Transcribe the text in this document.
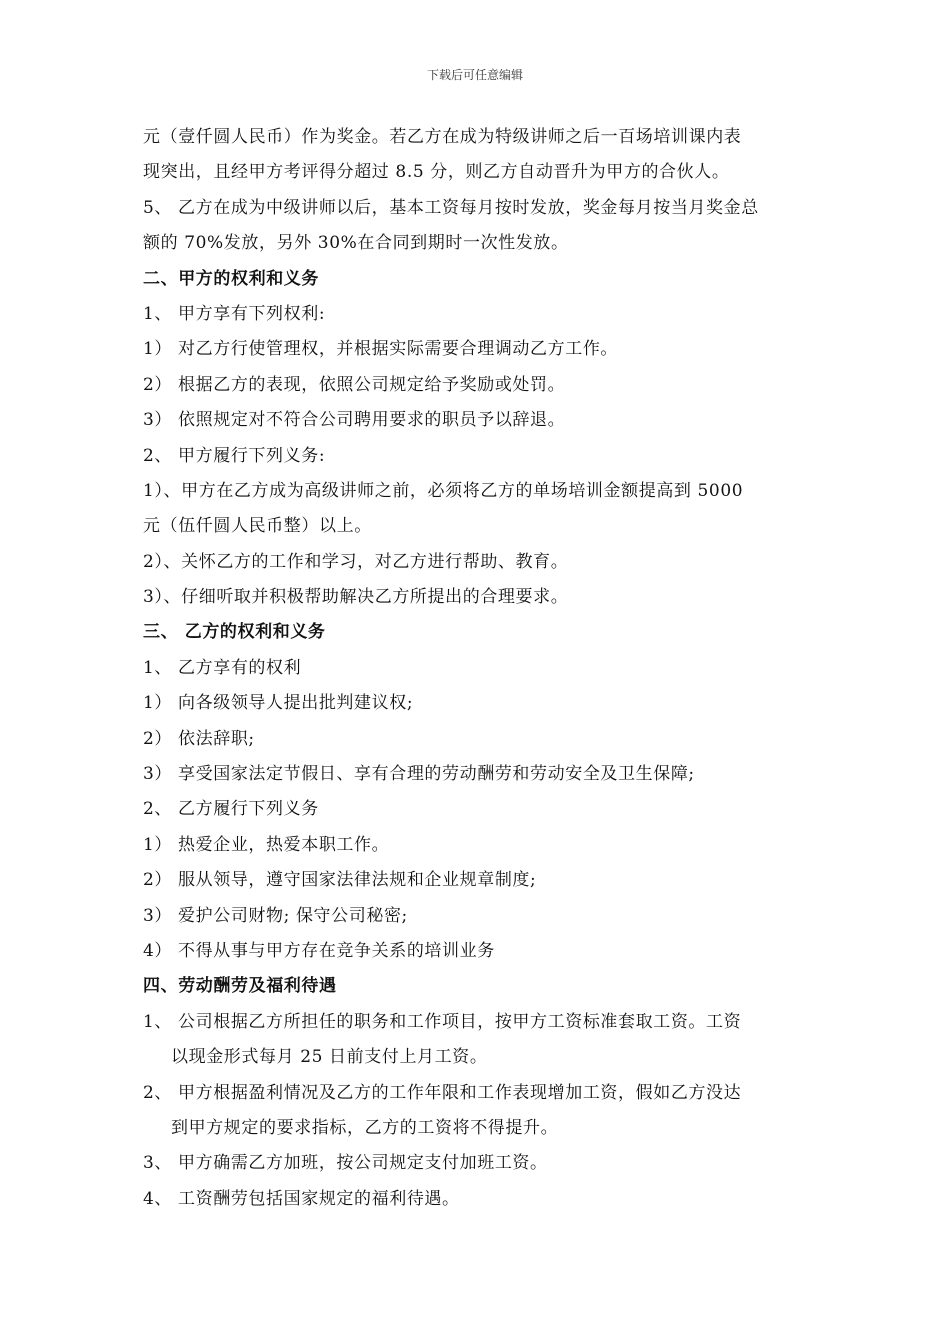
下载后可任意编辑
元（壹仟圆人民币）作为奖金。若乙方在成为特级讲师之后一百场培训课内表
现突出，且经甲方考评得分超过 8.5 分，则乙方自动晋升为甲方的合伙人。
5、 乙方在成为中级讲师以后，基本工资每月按时发放，奖金每月按当月奖金总
额的 70%发放，另外 30%在合同到期时一次性发放。
二、甲方的权利和义务
1、 甲方享有下列权利:
1） 对乙方行使管理权，并根据实际需要合理调动乙方工作。
2） 根据乙方的表现，依照公司规定给予奖励或处罚。
3） 依照规定对不符合公司聘用要求的职员予以辞退。
2、 甲方履行下列义务:
1）、甲方在乙方成为高级讲师之前，必须将乙方的单场培训金额提高到 5000
元（伍仟圆人民币整）以上。
2）、关怀乙方的工作和学习，对乙方进行帮助、教育。
3）、仔细听取并积极帮助解决乙方所提出的合理要求。
三、 乙方的权利和义务
1、 乙方享有的权利
1） 向各级领导人提出批判建议权;
2） 依法辞职;
3） 享受国家法定节假日、享有合理的劳动酬劳和劳动安全及卫生保障;
2、 乙方履行下列义务
1） 热爱企业，热爱本职工作。
2） 服从领导，遵守国家法律法规和企业规章制度;
3） 爱护公司财物; 保守公司秘密;
4） 不得从事与甲方存在竞争关系的培训业务
四、劳动酬劳及福利待遇
1、 公司根据乙方所担任的职务和工作项目，按甲方工资标准套取工资。工资
以现金形式每月 25 日前支付上月工资。
2、 甲方根据盈利情况及乙方的工作年限和工作表现增加工资，假如乙方没达
到甲方规定的要求指标，乙方的工资将不得提升。
3、 甲方确需乙方加班，按公司规定支付加班工资。
4、 工资酬劳包括国家规定的福利待遇。
